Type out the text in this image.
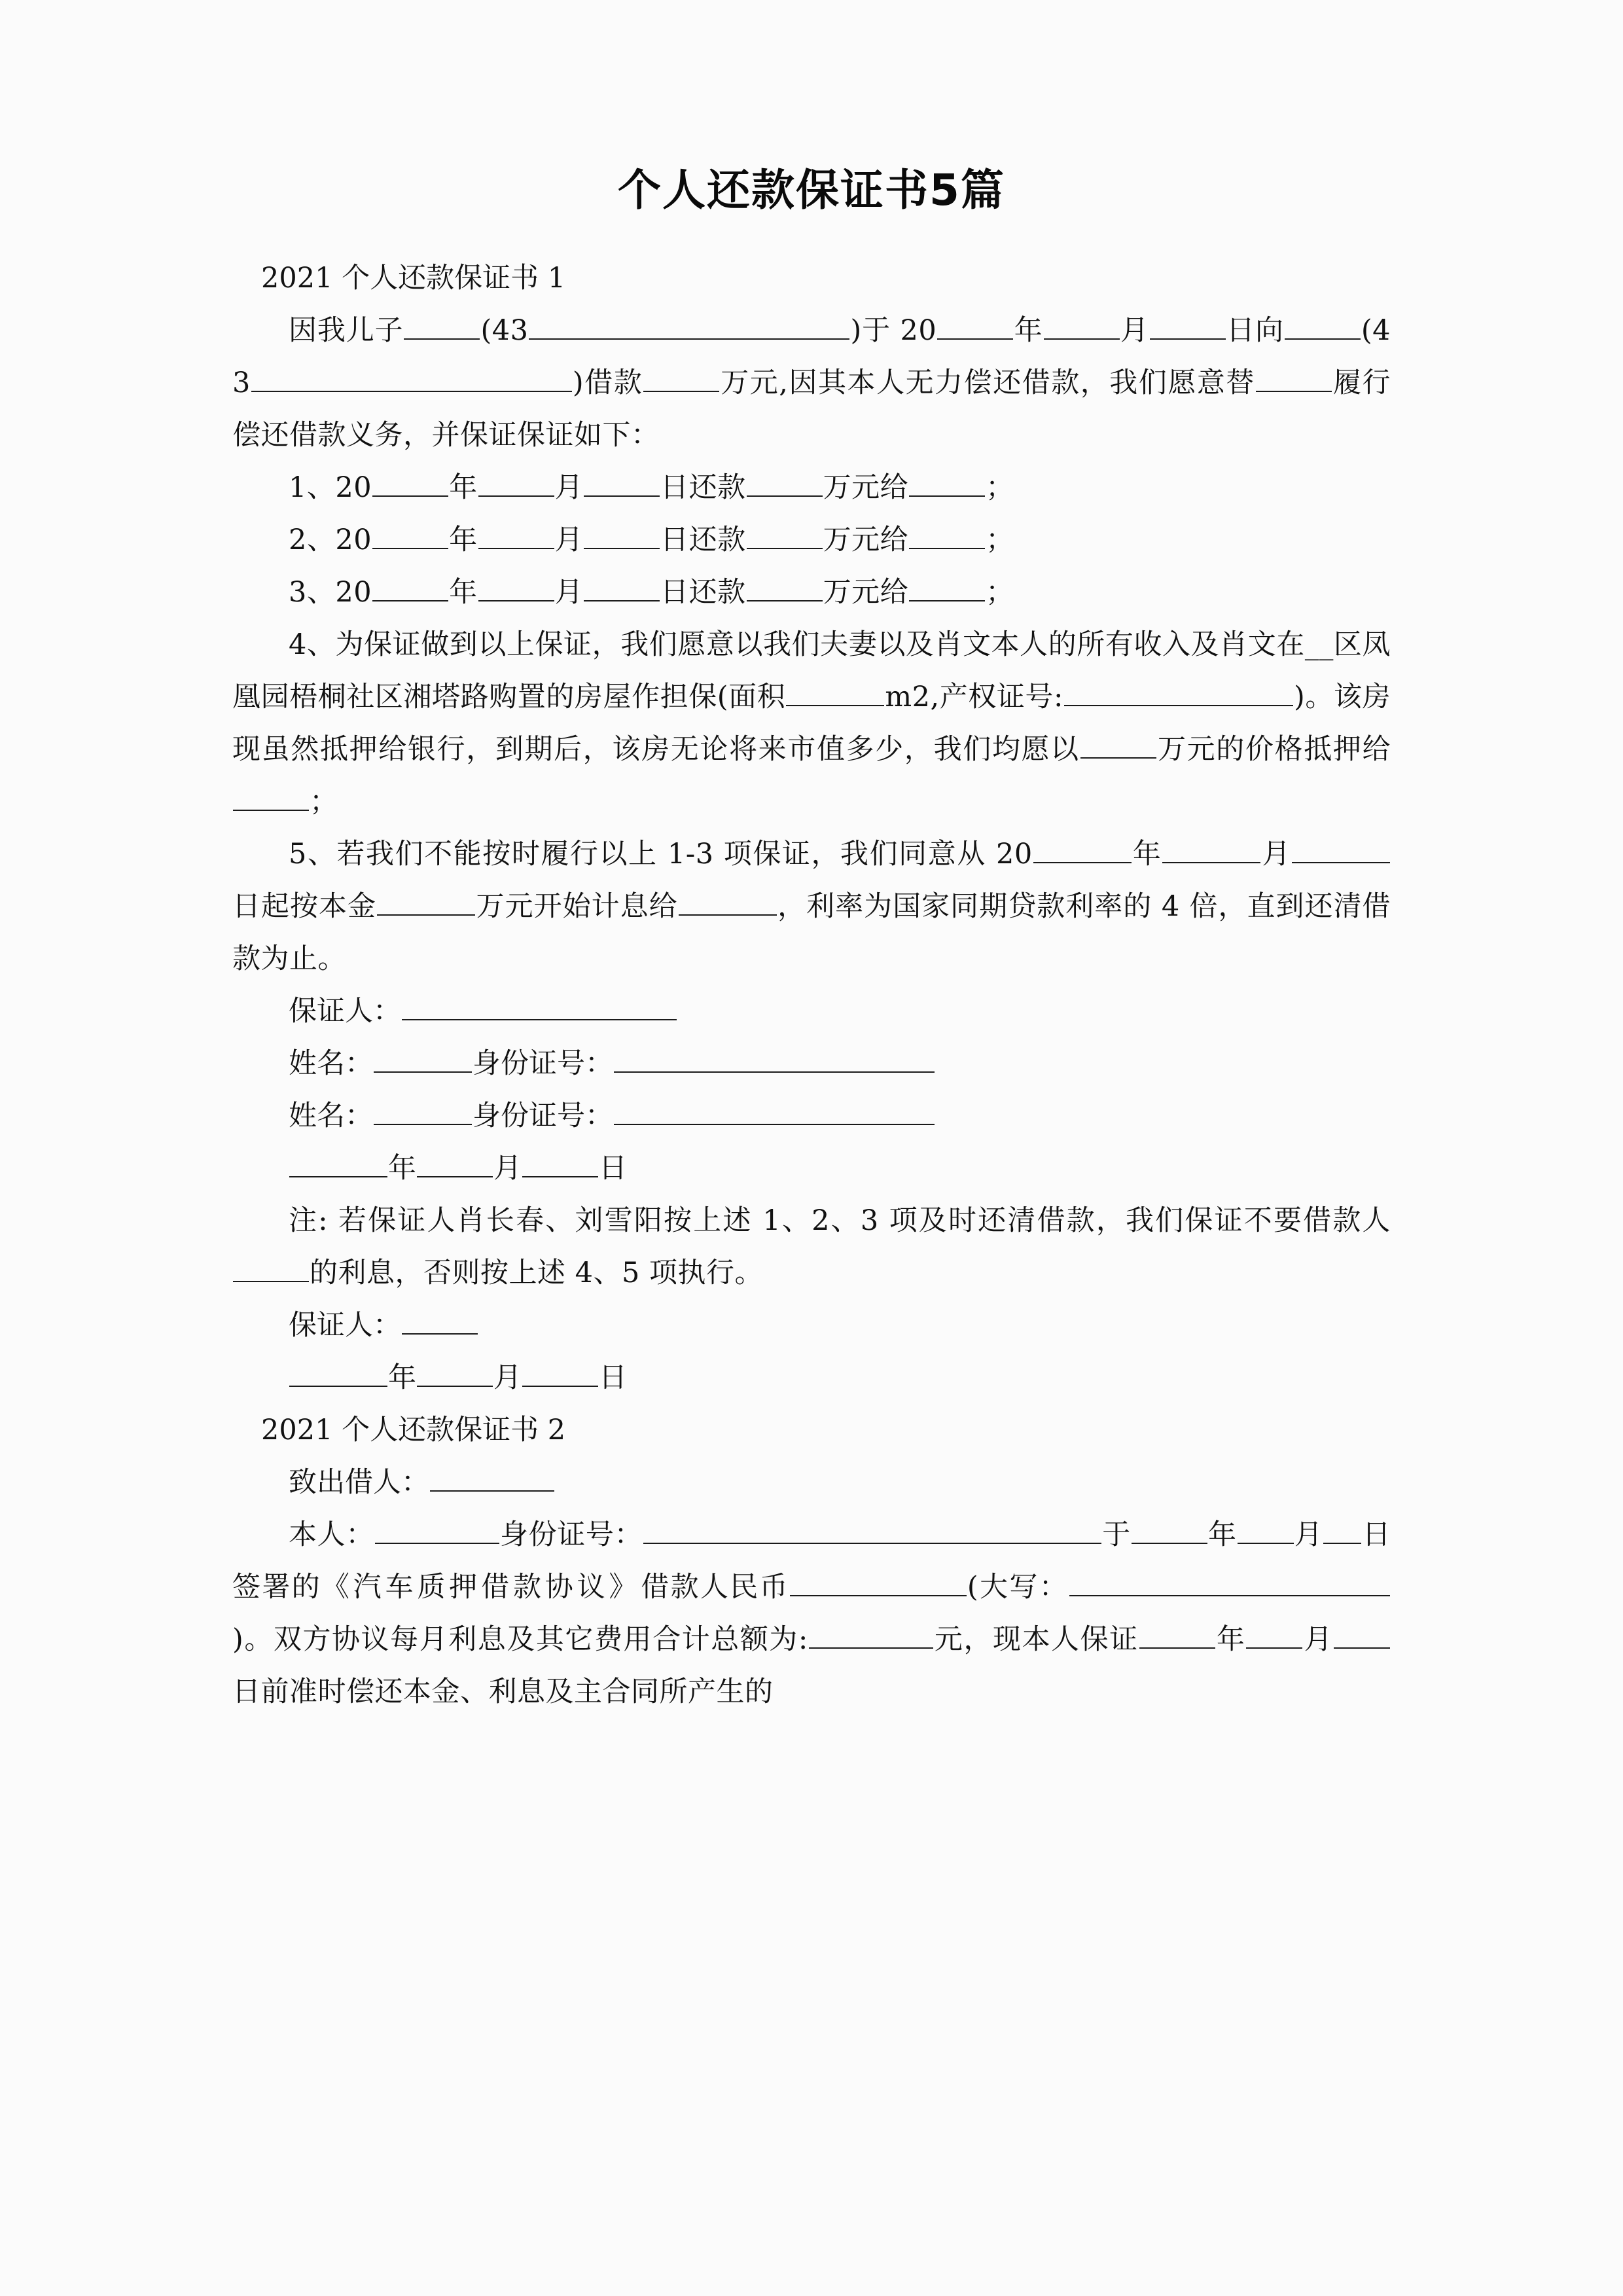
个人还款保证书5篇

2021 个人还款保证书 1

因我儿子	(43	)于 20	年	月	日向	(43	)借款	万元,因其本人无力偿还借款，我们愿意替	履行偿还借款义务，并保证保证如下：

1、20	年	月	日还款	万元给	；

2、20	年	月	日还款	万元给	；

3、20	年	月	日还款	万元给	；

4、为保证做到以上保证，我们愿意以我们夫妻以及肖文本人的所有收入及肖文在__区凤凰园梧桐社区湘塔路购置的房屋作担保(面积	m2,产权证号:	)。该房现虽然抵押给银行，到期后，该房无论将来市值多少，我们均愿以	万元的价格抵押给；

5、若我们不能按时履行以上 1-3 项保证，我们同意从 20	年	月日起按本金	万元开始计息给	，利率为国家同期贷款利率的 4 倍，直到还清借款为止。

保证人：

姓名：	身份证号：

姓名：	身份证号：

年	月	日

注: 若保证人肖长春、刘雪阳按上述 1、2、3 项及时还清借款，我们保证不要借款人的利息，否则按上述 4、5 项执行。

保证人：

年	月	日

2021 个人还款保证书 2

致出借人：

本人：	身份证号：	于	年 月 日签署的《汽车质押借款协议》借款人民币	(大写：)。双方协议每月利息及其它费用合计总额为:	元，现本人保证	年 月日前准时偿还本金、利息及主合同所产生的
